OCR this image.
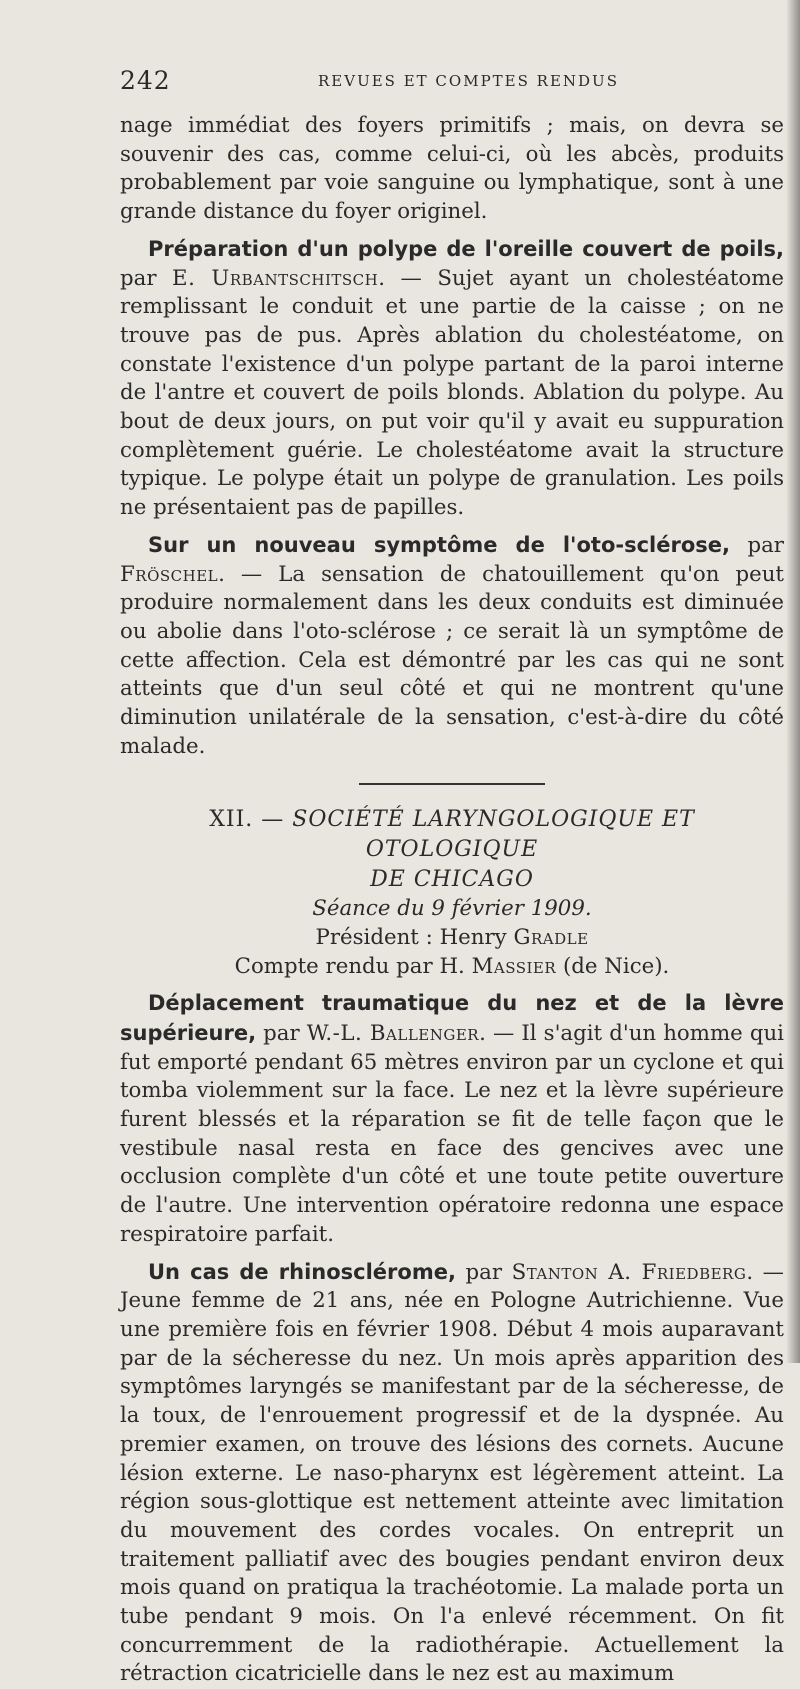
242	REVUES ET COMPTES RENDUS

nage immédiat des foyers primitifs ; mais, on devra se souvenir des cas, comme celui-ci, où les abcès, produits probablement par voie sanguine ou lymphatique, sont à une grande distance du foyer originel.

Préparation d'un polype de l'oreille couvert de poils, par E. Urbantschitsch. — Sujet ayant un cholestéatome remplissant le conduit et une partie de la caisse ; on ne trouve pas de pus. Après ablation du cholestéatome, on constate l'existence d'un polype partant de la paroi interne de l'antre et couvert de poils blonds. Ablation du polype. Au bout de deux jours, on put voir qu'il y avait eu suppuration complètement guérie. Le cholestéatome avait la structure typique. Le polype était un polype de granulation. Les poils ne présentaient pas de papilles.

Sur un nouveau symptôme de l'oto-sclérose, par Fröschel. — La sensation de chatouillement qu'on peut produire normalement dans les deux conduits est diminuée ou abolie dans l'oto-sclérose ; ce serait là un symptôme de cette affection. Cela est démontré par les cas qui ne sont atteints que d'un seul côté et qui ne montrent qu'une diminution unilatérale de la sensation, c'est-à-dire du côté malade.

XII. — SOCIÉTÉ LARYNGOLOGIQUE ET OTOLOGIQUE
DE CHICAGO
Séance du 9 février 1909.
Président : Henry Gradle
Compte rendu par H. Massier (de Nice).

Déplacement traumatique du nez et de la lèvre supérieure, par W.-L. Ballenger. — Il s'agit d'un homme qui fut emporté pendant 65 mètres environ par un cyclone et qui tomba violemment sur la face. Le nez et la lèvre supérieure furent blessés et la réparation se fit de telle façon que le vestibule nasal resta en face des gencives avec une occlusion complète d'un côté et une toute petite ouverture de l'autre. Une intervention opératoire redonna une espace respiratoire parfait.

Un cas de rhinosclérome, par Stanton A. Friedberg. — Jeune femme de 21 ans, née en Pologne Autrichienne. Vue une première fois en février 1908. Début 4 mois auparavant par de la sécheresse du nez. Un mois après apparition des symptômes laryngés se manifestant par de la sécheresse, de la toux, de l'enrouement progressif et de la dyspnée. Au premier examen, on trouve des lésions des cornets. Aucune lésion externe. Le naso-pharynx est légèrement atteint. La région sous-glottique est nettement atteinte avec limitation du mouvement des cordes vocales. On entreprit un traitement palliatif avec des bougies pendant environ deux mois quand on pratiqua la trachéotomie. La malade porta un tube pendant 9 mois. On l'a enlevé récemment. On fit concurremment de la radiothérapie. Actuellement la rétraction cicatricielle dans le nez est au maximum
